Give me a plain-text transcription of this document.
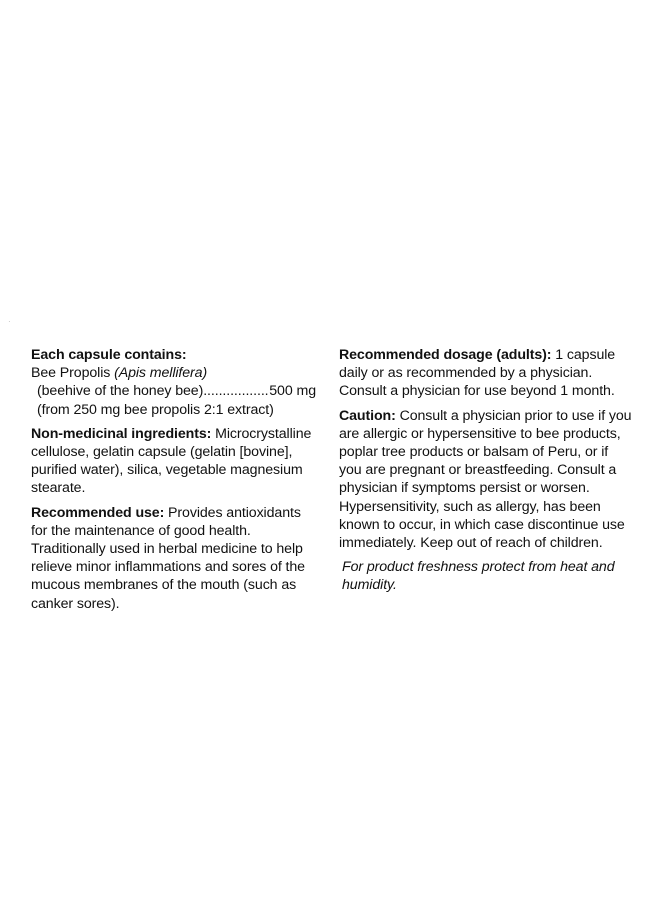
·

Each capsule contains:
Bee Propolis (Apis mellifera)
(beehive of the honey bee)
.....	500 mg
(from 250 mg bee propolis 2:1 extract)

Non-medicinal ingredients: Microcrystalline cellulose, gelatin capsule (gelatin [bovine], purified water), silica, vegetable magnesium stearate.

Recommended use: Provides antioxidants for the maintenance of good health. Traditionally used in herbal medicine to help relieve minor inflammations and sores of the mucous membranes of the mouth (such as canker sores).

Recommended dosage (adults): 1 capsule daily or as recommended by a physician. Consult a physician for use beyond 1 month.

Caution: Consult a physician prior to use if you are allergic or hypersensitive to bee products, poplar tree products or balsam of Peru, or if you are pregnant or breastfeeding. Consult a physician if symptoms persist or worsen. Hypersensitivity, such as allergy, has been known to occur, in which case discontinue use immediately. Keep out of reach of children.

For product freshness protect from heat and humidity.
